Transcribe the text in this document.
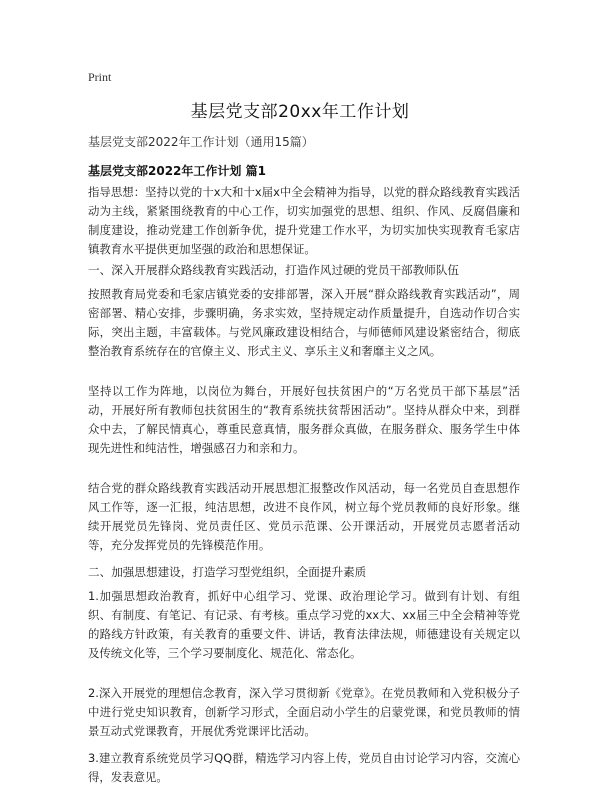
Print
基层党支部20xx年工作计划
基层党支部2022年工作计划（通用15篇）
基层党支部2022年工作计划 篇1

指导思想：坚持以党的十x大和十x届x中全会精神为指导，以党的群众路线教育实践活动为主线，紧紧围绕教育的中心工作，切实加强党的思想、组织、作风、反腐倡廉和制度建设，推动党建工作创新争优，提升党建工作水平，为切实加快实现教育毛家店镇教育水平提供更加坚强的政治和思想保证。

一、深入开展群众路线教育实践活动，打造作风过硬的党员干部教师队伍

按照教育局党委和毛家店镇党委的安排部署，深入开展“群众路线教育实践活动”，周密部署、精心安排，步骤明确，务求实效，坚持规定动作质量提升，自选动作切合实际，突出主题，丰富载体。与党风廉政建设相结合，与师德师风建设紧密结合，彻底整治教育系统存在的官僚主义、形式主义、享乐主义和奢靡主义之风。

坚持以工作为阵地，以岗位为舞台，开展好包扶贫困户的“万名党员干部下基层”活动，开展好所有教师包扶贫困生的“教育系统扶贫帮困活动”。坚持从群众中来，到群众中去，了解民情真心，尊重民意真情，服务群众真做，在服务群众、服务学生中体现先进性和纯洁性，增强感召力和亲和力。

结合党的群众路线教育实践活动开展思想汇报整改作风活动，每一名党员自查思想作风工作等，逐一汇报，纯洁思想，改进不良作风，树立每个党员教师的良好形象。继续开展党员先锋岗、党员责任区、党员示范课、公开课活动，开展党员志愿者活动等，充分发挥党员的先锋模范作用。

二、加强思想建设，打造学习型党组织，全面提升素质

1.加强思想政治教育，抓好中心组学习、党课、政治理论学习。做到有计划、有组织、有制度、有笔记、有记录、有考核。重点学习党的xx大、xx届三中全会精神等党的路线方针政策，有关教育的重要文件、讲话，教育法律法规，师德建设有关规定以及传统文化等，三个学习要制度化、规范化、常态化。

2.深入开展党的理想信念教育，深入学习贯彻新《党章》。在党员教师和入党积极分子中进行党史知识教育，创新学习形式，全面启动小学生的启蒙党课，和党员教师的情景互动式党课教育，开展优秀党课评比活动。

3.建立教育系统党员学习QQ群，精选学习内容上传，党员自由讨论学习内容，交流心得，发表意见。
